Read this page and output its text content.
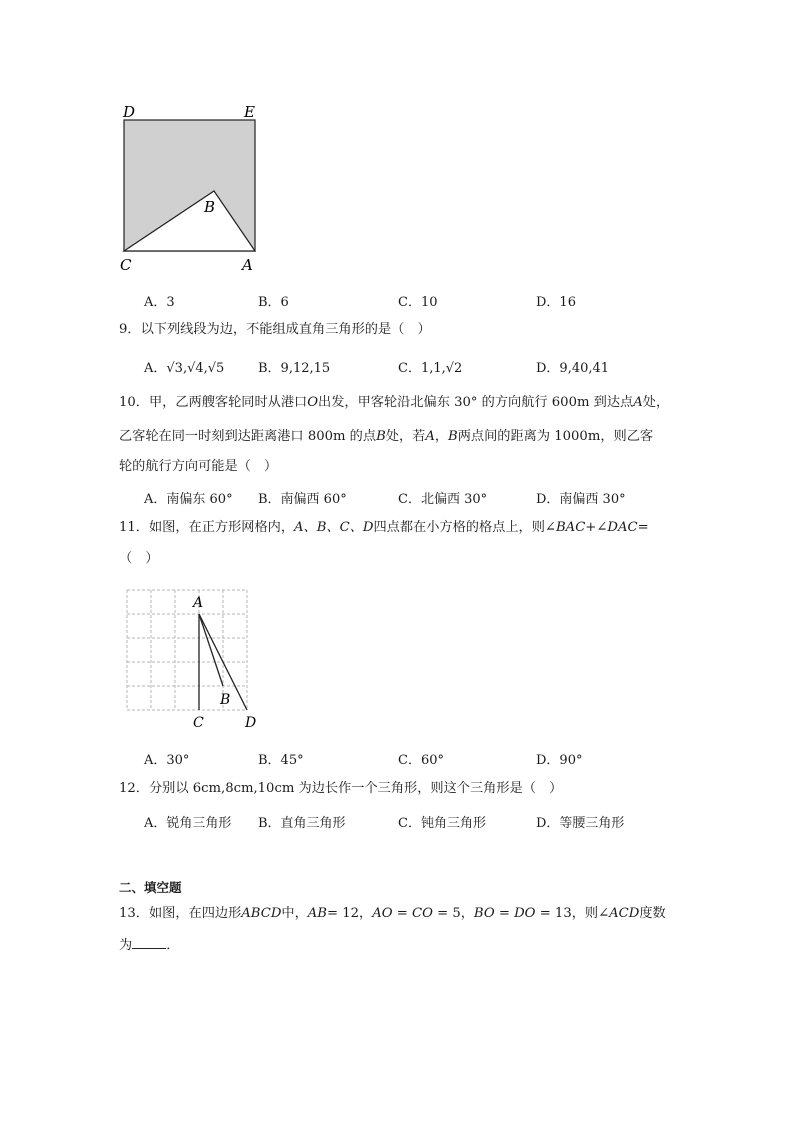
D	E
B
C	A
A．3	B．6	C．10	D．16
9．以下列线段为边，不能组成直角三角形的是（　）
A．√3,√4,√5	B．9,12,15	C．1,1,√2	D．9,40,41
10．甲，乙两艘客轮同时从港口O出发，甲客轮沿北偏东 30° 的方向航行 600m 到达点A处，
乙客轮在同一时刻到达距离港口 800m 的点B处，若A，B两点间的距离为 1000m，则乙客
轮的航行方向可能是（　）
A．南偏东 60° B．南偏西 60°	C．北偏西 30°	D．南偏西 30°
11．如图，在正方形网格内，A、B、C、D四点都在小方格的格点上，则∠BAC+∠DAC=
（　）
A
B
C	D
A．30°	B．45°	C．60°	D．90°
12．分别以 6cm,8cm,10cm 为边长作一个三角形，则这个三角形是（　）
A．锐角三角形 B．直角三角形	C．钝角三角形	D．等腰三角形
二、填空题
13．如图，在四边形ABCD中，AB= 12，AO = CO = 5，BO = DO = 13，则∠ACD度数
为	．
